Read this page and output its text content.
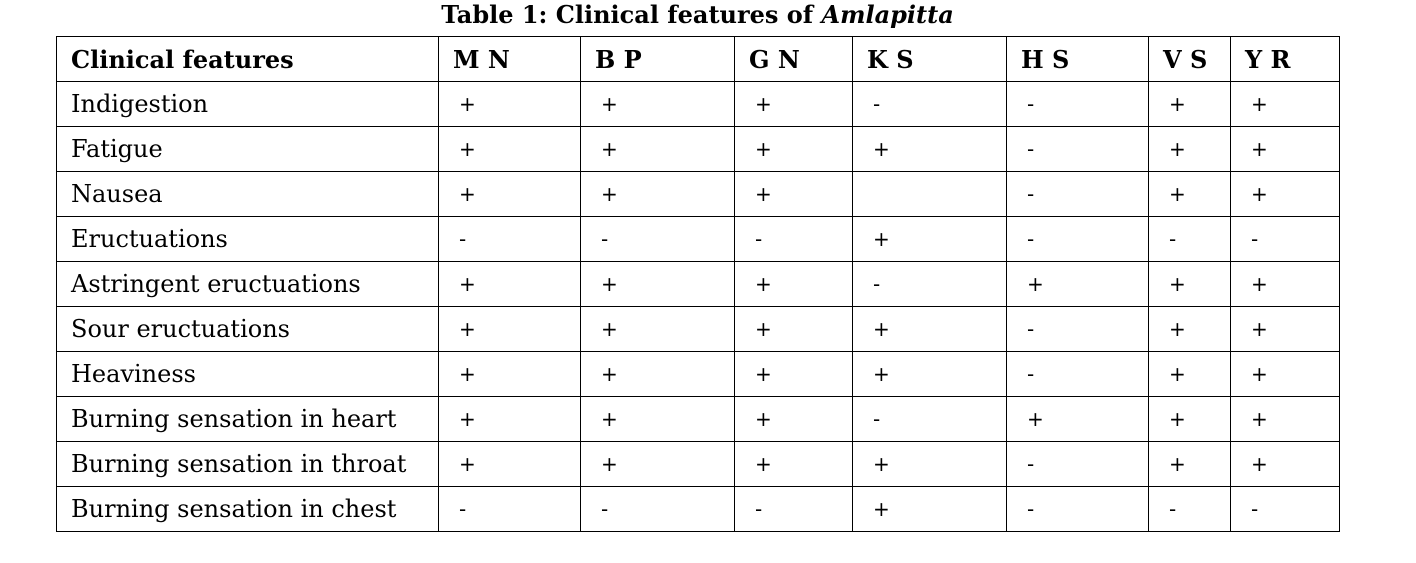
Table 1: Clinical features of Amlapitta
Clinical features	M N	B P	G N	K S	H S	V S	Y R
Indigestion	+	+	+	-	-	+	+
Fatigue	+	+	+	+	-	+	+
Nausea	+	+	+		-	+	+
Eructuations	-	-	-	+	-	-	-
Astringent eructuations	+	+	+	-	+	+	+
Sour eructuations	+	+	+	+	-	+	+
Heaviness	+	+	+	+	-	+	+
Burning sensation in heart	+	+	+	-	+	+	+
Burning sensation in throat	+	+	+	+	-	+	+
Burning sensation in chest	-	-	-	+	-	-	-
